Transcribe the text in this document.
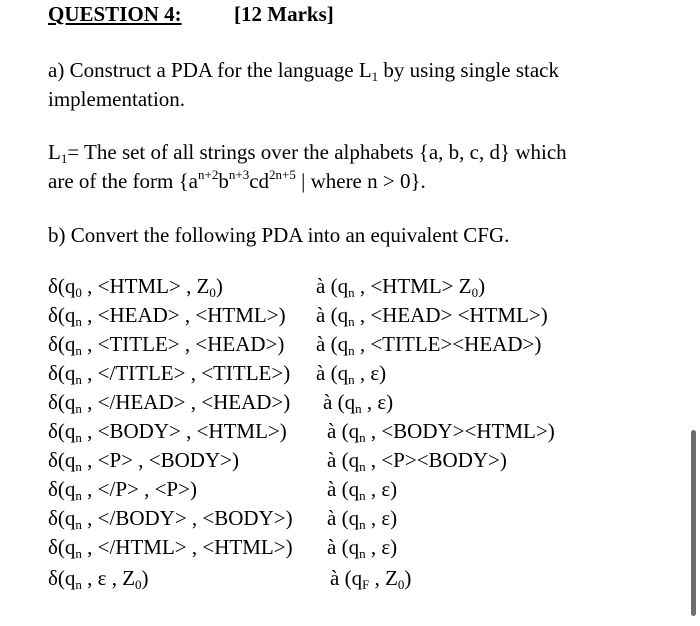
QUESTION 4: [12 Marks]
a) Construct a PDA for the language $L_1$ by using single stack
implementation.
$L_1=$ The set of all strings over the alphabets {a, b, c, d} which
are of the form {$a^{n+2}b^{n+3}cd^{2n+5}$ | where n > 0}.
b) Convert the following PDA into an equivalent CFG.
$\delta(q_0$ , <HTML> , $Z_0$)	à ($q_n$ , <HTML> $Z_0$)
$\delta(q_n$ , <HEAD> , <HTML>) à ($q_n$ , <HEAD> <HTML>)
$\delta(q_n$ , <TITLE> , <HEAD>) à ($q_n$ , <TITLE><HEAD>)
$\delta(q_n$ , </TITLE> , <TITLE>) à ($q_n$ , ε)
$\delta(q_n$ , </HEAD> , <HEAD>) à ($q_n$ , ε)
$\delta(q_n$ , <BODY> , <HTML>) à ($q_n$ , <BODY><HTML>)
$\delta(q_n$ , <P> , <BODY>)	à ($q_n$ , <P><BODY>)
$\delta(q_n$ , </P> , <P>)	à ($q_n$ , ε)
$\delta(q_n$ , </BODY> , <BODY>) à ($q_n$ , ε)
$\delta(q_n$ , </HTML> , <HTML>) à ($q_n$ , ε)
$\delta(q_n$ , ε , $Z_0$)	à ($q_F$ , $Z_0$)
